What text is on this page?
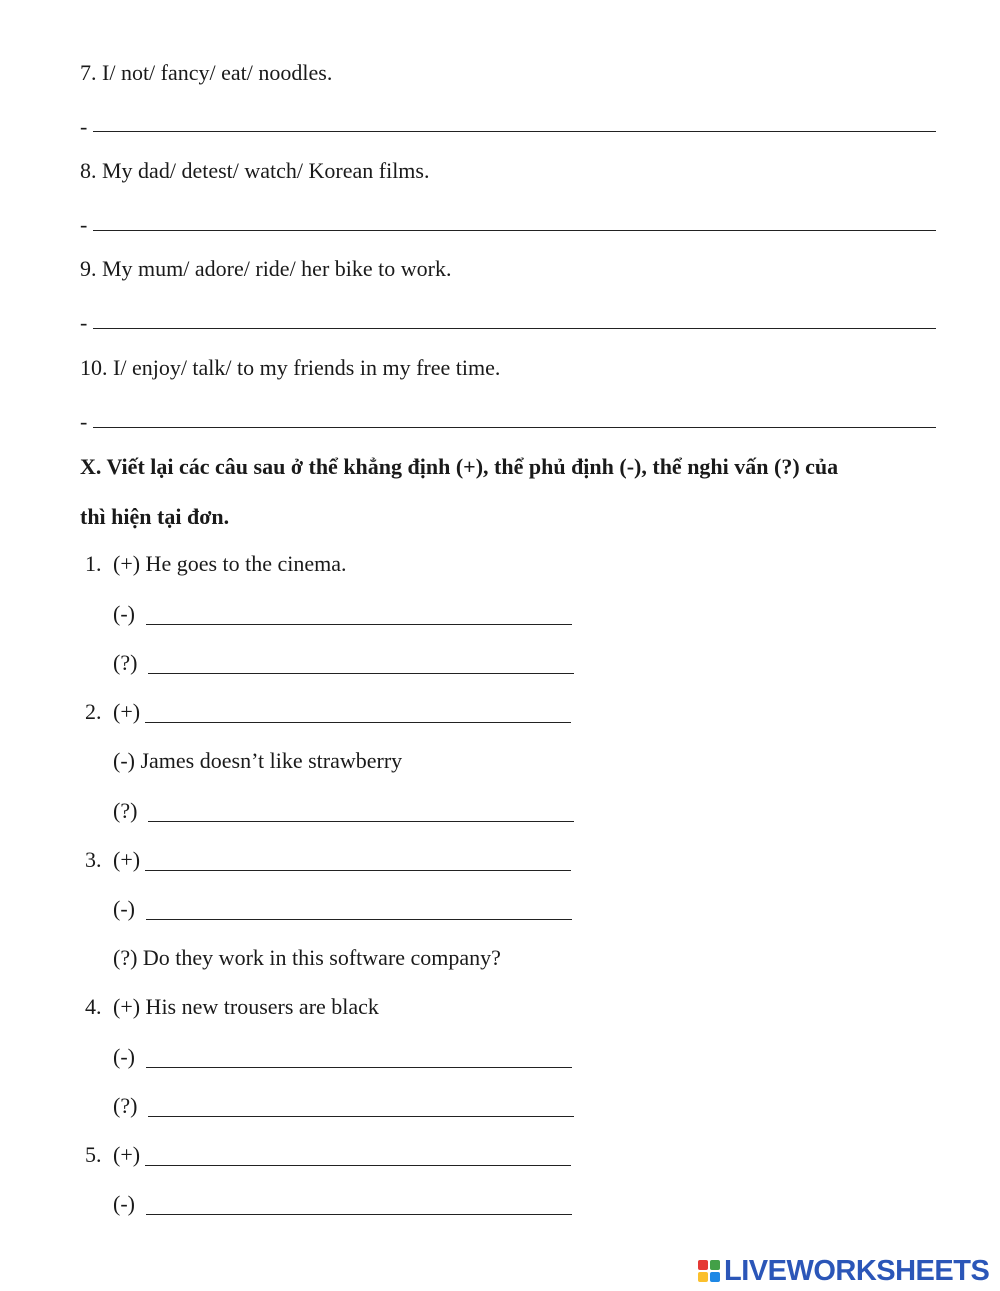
7. I/ not/ fancy/ eat/ noodles.
-
8. My dad/ detest/ watch/ Korean films.
-
9. My mum/ adore/ ride/ her bike to work.
-
10. I/ enjoy/ talk/ to my friends in my free time.
-
X. Viết lại các câu sau ở thể khẳng định (+), thể phủ định (-), thể nghi vấn (?) của
thì hiện tại đơn.
1. (+) He goes to the cinema.
(-)
(?)
2. (+)
(-) James doesn’t like strawberry
(?)
3. (+)
(-)
(?) Do they work in this software company?
4. (+) His new trousers are black
(-)
(?)
5. (+)
(-)
LIVEWORKSHEETS
